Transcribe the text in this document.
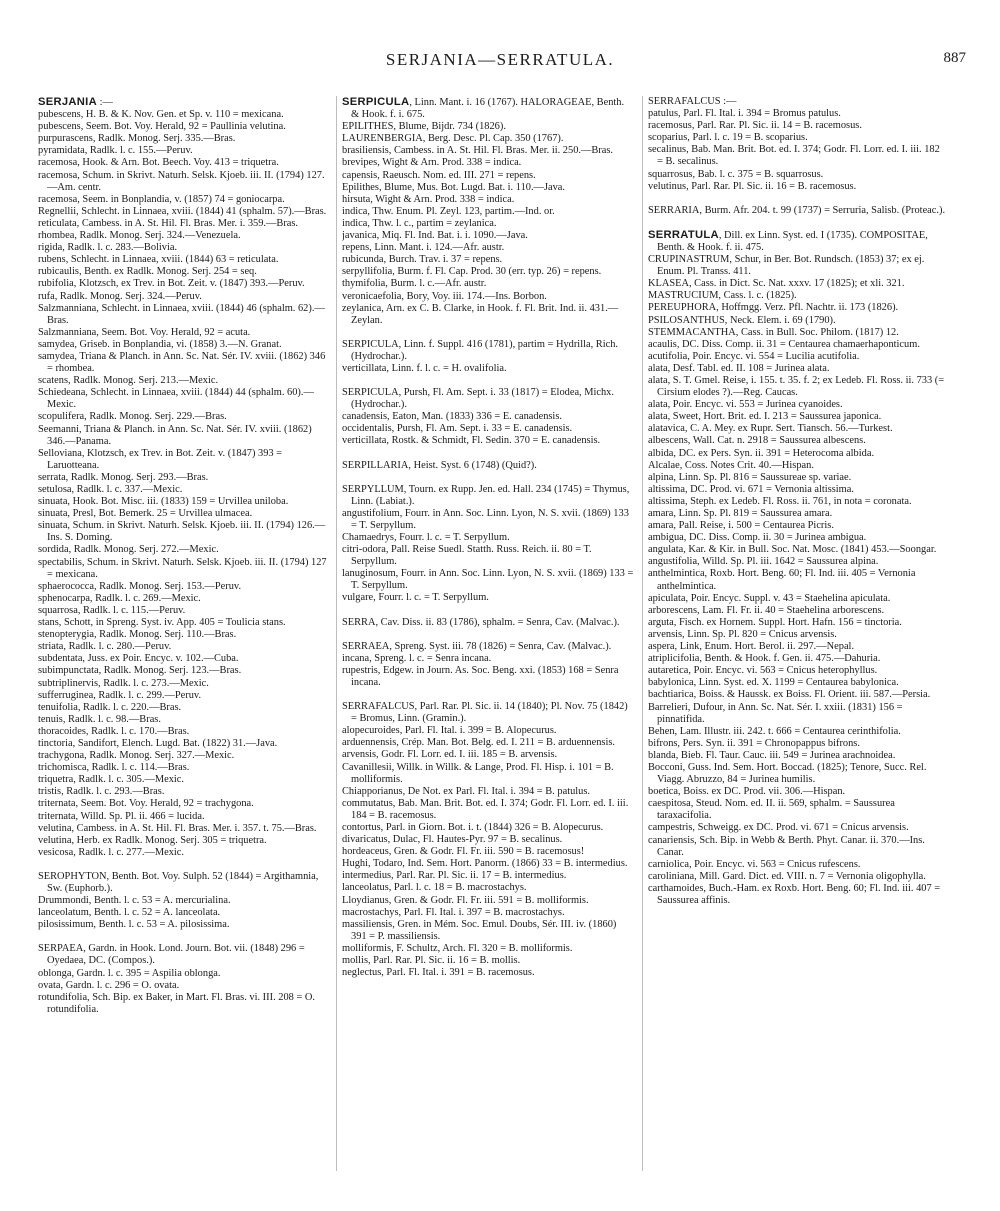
SERJANIA—SERRATULA.	887
SERJANIA :—
pubescens, H. B. & K. Nov. Gen. et Sp. v. 110 = mexicana.
pubescens, Seem. Bot. Voy. Herald, 92 = Paullinia velutina.
purpurascens, Radlk. Monog. Serj. 335.—Bras.
pyramidata, Radlk. l. c. 155.—Peruv.
racemosa, Hook. & Arn. Bot. Beech. Voy. 413 = triquetra.
racemosa, Schum. in Skrivt. Naturh. Selsk. Kjoeb. iii. II. (1794) 127.—Am. centr.
racemosa, Seem. in Bonplandia, v. (1857) 74 = goniocarpa.
Regnellii, Schlecht. in Linnaea, xviii. (1844) 41 (sphalm. 57).—Bras.
reticulata, Cambess. in A. St. Hil. Fl. Bras. Mer. i. 359.—Bras.
rhombea, Radlk. Monog. Serj. 324.—Venezuela.
rigida, Radlk. l. c. 283.—Bolivia.
rubens, Schlecht. in Linnaea, xviii. (1844) 63 = reticulata.
rubicaulis, Benth. ex Radlk. Monog. Serj. 254 = seq.
rubifolia, Klotzsch, ex Trev. in Bot. Zeit. v. (1847) 393.—Peruv.
rufa, Radlk. Monog. Serj. 324.—Peruv.
Salzmanniana, Schlecht. in Linnaea, xviii. (1844) 46 (sphalm. 62).—Bras.
Salzmanniana, Seem. Bot. Voy. Herald, 92 = acuta.
samydea, Griseb. in Bonplandia, vi. (1858) 3.—N. Granat.
samydea, Triana & Planch. in Ann. Sc. Nat. Sér. IV. xviii. (1862) 346 = rhombea.
scatens, Radlk. Monog. Serj. 213.—Mexic.
Schiedeana, Schlecht. in Linnaea, xviii. (1844) 44 (sphalm. 60).—Mexic.
scopulifera, Radlk. Monog. Serj. 229.—Bras.
Seemanni, Triana & Planch. in Ann. Sc. Nat. Sér. IV. xviii. (1862) 346.—Panama.
Selloviana, Klotzsch, ex Trev. in Bot. Zeit. v. (1847) 393 = Laruotteana.
serrata, Radlk. Monog. Serj. 293.—Bras.
setulosa, Radlk. l. c. 337.—Mexic.
sinuata, Hook. Bot. Misc. iii. (1833) 159 = Urvillea uniloba.
sinuata, Presl, Bot. Bemerk. 25 = Urvillea ulmacea.
sinuata, Schum. in Skrivt. Naturh. Selsk. Kjoeb. iii. II. (1794) 126.—Ins. S. Doming.
sordida, Radlk. Monog. Serj. 272.—Mexic.
spectabilis, Schum. in Skrivt. Naturh. Selsk. Kjoeb. iii. II. (1794) 127 = mexicana.
sphaerococca, Radlk. Monog. Serj. 153.—Peruv.
sphenocarpa, Radlk. l. c. 269.—Mexic.
squarrosa, Radlk. l. c. 115.—Peruv.
stans, Schott, in Spreng. Syst. iv. App. 405 = Toulicia stans.
stenopterygia, Radlk. Monog. Serj. 110.—Bras.
striata, Radlk. l. c. 280.—Peruv.
subdentata, Juss. ex Poir. Encyc. v. 102.—Cuba.
subimpunctata, Radlk. Monog. Serj. 123.—Bras.
subtriplinervis, Radlk. l. c. 273.—Mexic.
sufferruginea, Radlk. l. c. 299.—Peruv.
tenuifolia, Radlk. l. c. 220.—Bras.
tenuis, Radlk. l. c. 98.—Bras.
thoracoides, Radlk. l. c. 170.—Bras.
tinctoria, Sandifort, Elench. Lugd. Bat. (1822) 31.—Java.
trachygona, Radlk. Monog. Serj. 327.—Mexic.
trichomisca, Radlk. l. c. 114.—Bras.
triquetra, Radlk. l. c. 305.—Mexic.
tristis, Radlk. l. c. 293.—Bras.
triternata, Seem. Bot. Voy. Herald, 92 = trachygona.
triternata, Willd. Sp. Pl. ii. 466 = lucida.
velutina, Cambess. in A. St. Hil. Fl. Bras. Mer. i. 357. t. 75.—Bras.
velutina, Herb. ex Radlk. Monog. Serj. 305 = triquetra.
vesicosa, Radlk. l. c. 277.—Mexic.
SEROPHYTON, Benth. Bot. Voy. Sulph. 52 (1844) = Argithamnia, Sw. (Euphorb.).
Drummondi, Benth. l. c. 53 = A. mercurialina.
lanceolatum, Benth. l. c. 52 = A. lanceolata.
pilosissimum, Benth. l. c. 53 = A. pilosissima.
SERPAEA, Gardn. in Hook. Lond. Journ. Bot. vii. (1848) 296 = Oyedaea, DC. (Compos.).
oblonga, Gardn. l. c. 395 = Aspilia oblonga.
ovata, Gardn. l. c. 296 = O. ovata.
rotundifolia, Sch. Bip. ex Baker, in Mart. Fl. Bras. vi. III. 208 = O. rotundifolia.
SERPICULA, Linn. Mant. i. 16 (1767). HALORAGEAE, Benth. & Hook. f. i. 675.
EPILITHES, Blume, Bijdr. 734 (1826).
LAURENBERGIA, Berg. Desc. Pl. Cap. 350 (1767).
brasiliensis, Cambess. in A. St. Hil. Fl. Bras. Mer. ii. 250.—Bras.
brevipes, Wight & Arn. Prod. 338 = indica.
capensis, Raeusch. Nom. ed. III. 271 = repens.
Epilithes, Blume, Mus. Bot. Lugd. Bat. i. 110.—Java.
hirsuta, Wight & Arn. Prod. 338 = indica.
indica, Thw. Enum. Pl. Zeyl. 123, partim.—Ind. or.
indica, Thw. l. c., partim = zeylanica.
javanica, Miq. Fl. Ind. Bat. i. i. 1090.—Java.
repens, Linn. Mant. i. 124.—Afr. austr.
rubicunda, Burch. Trav. i. 37 = repens.
serpyllifolia, Burm. f. Fl. Cap. Prod. 30 (err. typ. 26) = repens.
thymifolia, Burm. l. c.—Afr. austr.
veronicaefolia, Bory, Voy. iii. 174.—Ins. Borbon.
zeylanica, Arn. ex C. B. Clarke, in Hook. f. Fl. Brit. Ind. ii. 431.—Zeylan.
SERPICULA, Linn. f. Suppl. 416 (1781), partim = Hydrilla, Rich. (Hydrochar.).
verticillata, Linn. f. l. c. = H. ovalifolia.
SERPICULA, Pursh, Fl. Am. Sept. i. 33 (1817) = Elodea, Michx. (Hydrochar.).
canadensis, Eaton, Man. (1833) 336 = E. canadensis.
occidentalis, Pursh, Fl. Am. Sept. i. 33 = E. canadensis.
verticillata, Rostk. & Schmidt, Fl. Sedin. 370 = E. canadensis.
SERPILLARIA, Heist. Syst. 6 (1748) (Quid?).
SERPYLLUM, Tourn. ex Rupp. Jen. ed. Hall. 234 (1745) = Thymus, Linn. (Labiat.).
angustifolium, Fourr. in Ann. Soc. Linn. Lyon, N. S. xvii. (1869) 133 = T. Serpyllum.
Chamaedrys, Fourr. l. c. = T. Serpyllum.
citri-odora, Pall. Reise Suedl. Statth. Russ. Reich. ii. 80 = T. Serpyllum.
lanuginosum, Fourr. in Ann. Soc. Linn. Lyon, N. S. xvii. (1869) 133 = T. Serpyllum.
vulgare, Fourr. l. c. = T. Serpyllum.
SERRA, Cav. Diss. ii. 83 (1786), sphalm. = Senra, Cav. (Malvac.).
SERRAEA, Spreng. Syst. iii. 78 (1826) = Senra, Cav. (Malvac.).
incana, Spreng. l. c. = Senra incana.
rupestris, Edgew. in Journ. As. Soc. Beng. xxi. (1853) 168 = Senra incana.
SERRAFALCUS, Parl. Rar. Pl. Sic. ii. 14 (1840); Pl. Nov. 75 (1842) = Bromus, Linn. (Gramin.).
alopecuroides, Parl. Fl. Ital. i. 399 = B. Alopecurus.
arduennensis, Crép. Man. Bot. Belg. ed. I. 211 = B. arduennensis.
arvensis, Godr. Fl. Lorr. ed. I. iii. 185 = B. arvensis.
Cavanillesii, Willk. in Willk. & Lange, Prod. Fl. Hisp. i. 101 = B. molliformis.
Chiapporianus, De Not. ex Parl. Fl. Ital. i. 394 = B. patulus.
commutatus, Bab. Man. Brit. Bot. ed. I. 374; Godr. Fl. Lorr. ed. I. iii. 184 = B. racemosus.
contortus, Parl. in Giorn. Bot. i. t. (1844) 326 = B. Alopecurus.
divaricatus, Dulac, Fl. Hautes-Pyr. 97 = B. secalinus.
hordeaceus, Gren. & Godr. Fl. Fr. iii. 590 = B. racemosus!
Hughi, Todaro, Ind. Sem. Hort. Panorm. (1866) 33 = B. intermedius.
intermedius, Parl. Rar. Pl. Sic. ii. 17 = B. intermedius.
lanceolatus, Parl. l. c. 18 = B. macrostachys.
Lloydianus, Gren. & Godr. Fl. Fr. iii. 591 = B. molliformis.
macrostachys, Parl. Fl. Ital. i. 397 = B. macrostachys.
massiliensis, Gren. in Mém. Soc. Emul. Doubs, Sér. III. iv. (1860) 391 = P. massiliensis.
molliformis, F. Schultz, Arch. Fl. 320 = B. molliformis.
mollis, Parl. Rar. Pl. Sic. ii. 16 = B. mollis.
neglectus, Parl. Fl. Ital. i. 391 = B. racemosus.
SERRAFALCUS :—
patulus, Parl. Fl. Ital. i. 394 = Bromus patulus.
racemosus, Parl. Rar. Pl. Sic. ii. 14 = B. racemosus.
scoparius, Parl. l. c. 19 = B. scoparius.
secalinus, Bab. Man. Brit. Bot. ed. I. 374; Godr. Fl. Lorr. ed. I. iii. 182 = B. secalinus.
squarrosus, Bab. l. c. 375 = B. squarrosus.
velutinus, Parl. Rar. Pl. Sic. ii. 16 = B. racemosus.
SERRARIA, Burm. Afr. 204. t. 99 (1737) = Serruria, Salisb. (Proteac.).
SERRATULA, Dill. ex Linn. Syst. ed. I (1735). COMPOSITAE, Benth. & Hook. f. ii. 475.
CRUPINASTRUM, Schur, in Ber. Bot. Rundsch. (1853) 37; ex ej. Enum. Pl. Transs. 411.
KLASEA, Cass. in Dict. Sc. Nat. xxxv. 17 (1825); et xli. 321.
MASTRUCIUM, Cass. l. c. (1825).
PEREUPHORA, Hoffmgg. Verz. Pfl. Nachtr. ii. 173 (1826).
PSILOSANTHUS, Neck. Elem. i. 69 (1790).
STEMMACANTHA, Cass. in Bull. Soc. Philom. (1817) 12.
acaulis, DC. Diss. Comp. ii. 31 = Centaurea chamaerhaponticum.
acutifolia, Poir. Encyc. vi. 554 = Lucilia acutifolia.
alata, Desf. Tabl. ed. II. 108 = Jurinea alata.
alata, S. T. Gmel. Reise, i. 155. t. 35. f. 2; ex Ledeb. Fl. Ross. ii. 733 (= Cirsium elodes ?).—Reg. Caucas.
alata, Poir. Encyc. vi. 553 = Jurinea cyanoides.
alata, Sweet, Hort. Brit. ed. I. 213 = Saussurea japonica.
alatavica, C. A. Mey. ex Rupr. Sert. Tiansch. 56.—Turkest.
albescens, Wall. Cat. n. 2918 = Saussurea albescens.
albida, DC. ex Pers. Syn. ii. 391 = Heterocoma albida.
Alcalae, Coss. Notes Crit. 40.—Hispan.
alpina, Linn. Sp. Pl. 816 = Saussureae sp. variae.
altissima, DC. Prod. vi. 671 = Vernonia altissima.
altissima, Steph. ex Ledeb. Fl. Ross. ii. 761, in nota = coronata.
amara, Linn. Sp. Pl. 819 = Saussurea amara.
amara, Pall. Reise, i. 500 = Centaurea Picris.
ambigua, DC. Diss. Comp. ii. 30 = Jurinea ambigua.
angulata, Kar. & Kir. in Bull. Soc. Nat. Mosc. (1841) 453.—Soongar.
angustifolia, Willd. Sp. Pl. iii. 1642 = Saussurea alpina.
anthelmintica, Roxb. Hort. Beng. 60; Fl. Ind. iii. 405 = Vernonia anthelmintica.
apiculata, Poir. Encyc. Suppl. v. 43 = Staehelina apiculata.
arborescens, Lam. Fl. Fr. ii. 40 = Staehelina arborescens.
arguta, Fisch. ex Hornem. Suppl. Hort. Hafn. 156 = tinctoria.
arvensis, Linn. Sp. Pl. 820 = Cnicus arvensis.
aspera, Link, Enum. Hort. Berol. ii. 297.—Nepal.
atriplicifolia, Benth. & Hook. f. Gen. ii. 475.—Dahuria.
autaretica, Poir. Encyc. vi. 563 = Cnicus heterophyllus.
babylonica, Linn. Syst. ed. X. 1199 = Centaurea babylonica.
bachtiarica, Boiss. & Haussk. ex Boiss. Fl. Orient. iii. 587.—Persia.
Barrelieri, Dufour, in Ann. Sc. Nat. Sér. I. xxiii. (1831) 156 = pinnatifida.
Behen, Lam. Illustr. iii. 242. t. 666 = Centaurea cerinthifolia.
bifrons, Pers. Syn. ii. 391 = Chronopappus bifrons.
blanda, Bieb. Fl. Taur. Cauc. iii. 549 = Jurinea arachnoidea.
Bocconi, Guss. Ind. Sem. Hort. Boccad. (1825); Tenore, Succ. Rel. Viagg. Abruzzo, 84 = Jurinea humilis.
boetica, Boiss. ex DC. Prod. vii. 306.—Hispan.
caespitosa, Steud. Nom. ed. II. ii. 569, sphalm. = Saussurea taraxacifolia.
campestris, Schweigg. ex DC. Prod. vi. 671 = Cnicus arvensis.
canariensis, Sch. Bip. in Webb & Berth. Phyt. Canar. ii. 370.—Ins. Canar.
carniolica, Poir. Encyc. vi. 563 = Cnicus rufescens.
caroliniana, Mill. Gard. Dict. ed. VIII. n. 7 = Vernonia oligophylla.
carthamoides, Buch.-Ham. ex Roxb. Hort. Beng. 60; Fl. Ind. iii. 407 = Saussurea affinis.
